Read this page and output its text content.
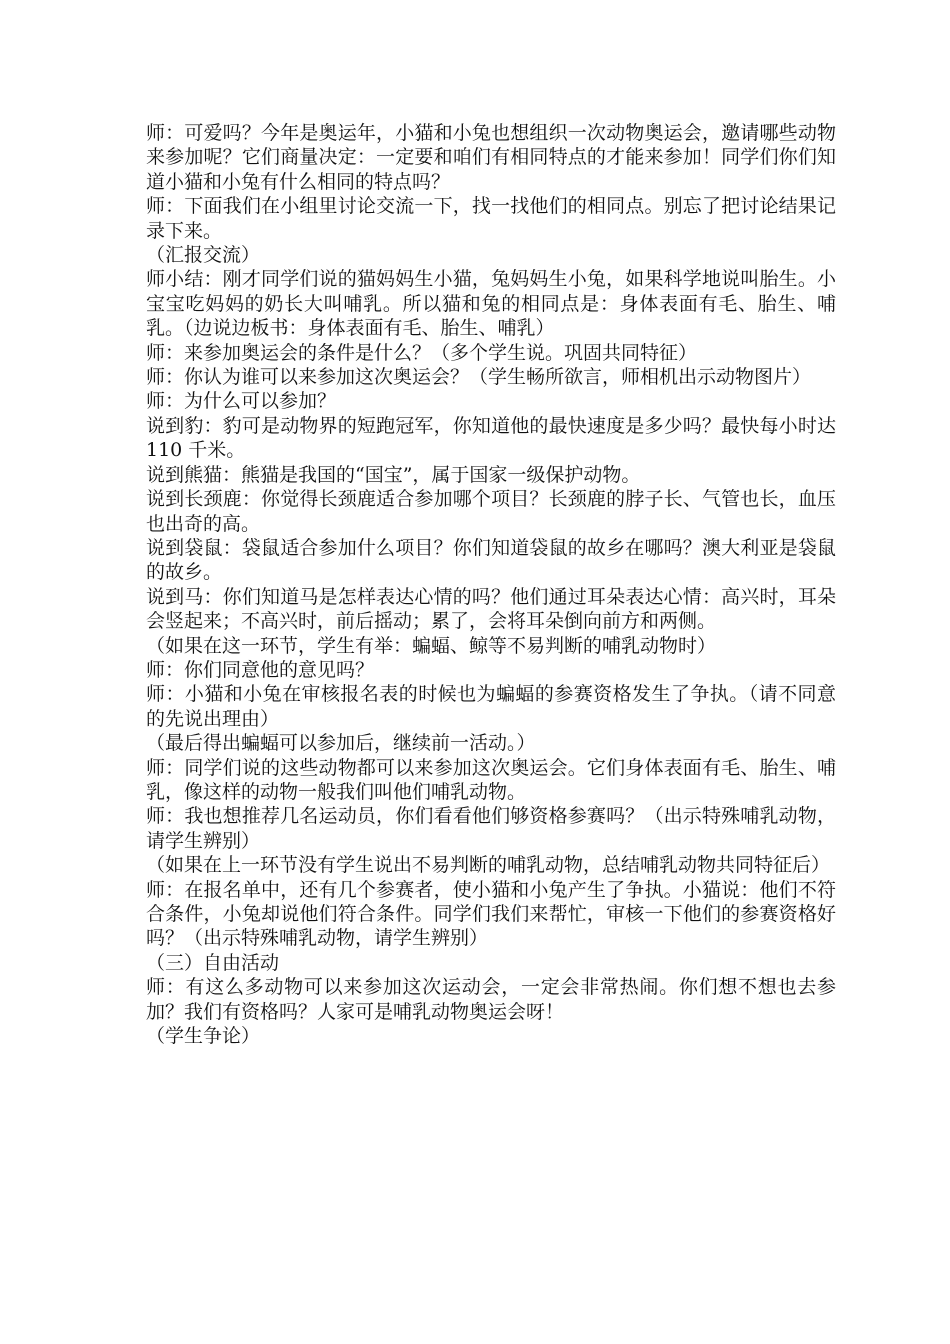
师：可爱吗？今年是奥运年，小猫和小兔也想组织一次动物奥运会，邀请哪些动物来参加呢？它们商量决定：一定要和咱们有相同特点的才能来参加！同学们你们知道小猫和小兔有什么相同的特点吗？

师：下面我们在小组里讨论交流一下，找一找他们的相同点。别忘了把讨论结果记录下来。

（汇报交流）

师小结：刚才同学们说的猫妈妈生小猫，兔妈妈生小兔，如果科学地说叫胎生。小宝宝吃妈妈的奶长大叫哺乳。所以猫和兔的相同点是：身体表面有毛、胎生、哺乳。（边说边板书：身体表面有毛、胎生、哺乳）

师：来参加奥运会的条件是什么？（多个学生说。巩固共同特征）

师：你认为谁可以来参加这次奥运会？（学生畅所欲言，师相机出示动物图片）

师：为什么可以参加？

说到豹：豹可是动物界的短跑冠军，你知道他的最快速度是多少吗？最快每小时达 110 千米。

说到熊猫：熊猫是我国的“国宝”，属于国家一级保护动物。

说到长颈鹿：你觉得长颈鹿适合参加哪个项目？长颈鹿的脖子长、气管也长，血压也出奇的高。

说到袋鼠：袋鼠适合参加什么项目？你们知道袋鼠的故乡在哪吗？澳大利亚是袋鼠的故乡。

说到马：你们知道马是怎样表达心情的吗？他们通过耳朵表达心情：高兴时，耳朵会竖起来；不高兴时，前后摇动；累了，会将耳朵倒向前方和两侧。

（如果在这一环节，学生有举：蝙蝠、鲸等不易判断的哺乳动物时）

师：你们同意他的意见吗？

师：小猫和小兔在审核报名表的时候也为蝙蝠的参赛资格发生了争执。（请不同意的先说出理由）

（最后得出蝙蝠可以参加后，继续前一活动。）

师：同学们说的这些动物都可以来参加这次奥运会。它们身体表面有毛、胎生、哺乳，像这样的动物一般我们叫他们哺乳动物。

师：我也想推荐几名运动员，你们看看他们够资格参赛吗？（出示特殊哺乳动物，请学生辨别）

（如果在上一环节没有学生说出不易判断的哺乳动物，总结哺乳动物共同特征后）

师：在报名单中，还有几个参赛者，使小猫和小兔产生了争执。小猫说：他们不符合条件，小兔却说他们符合条件。同学们我们来帮忙，审核一下他们的参赛资格好吗？（出示特殊哺乳动物，请学生辨别）

（三）自由活动

师：有这么多动物可以来参加这次运动会，一定会非常热闹。你们想不想也去参加？我们有资格吗？人家可是哺乳动物奥运会呀！

（学生争论）
